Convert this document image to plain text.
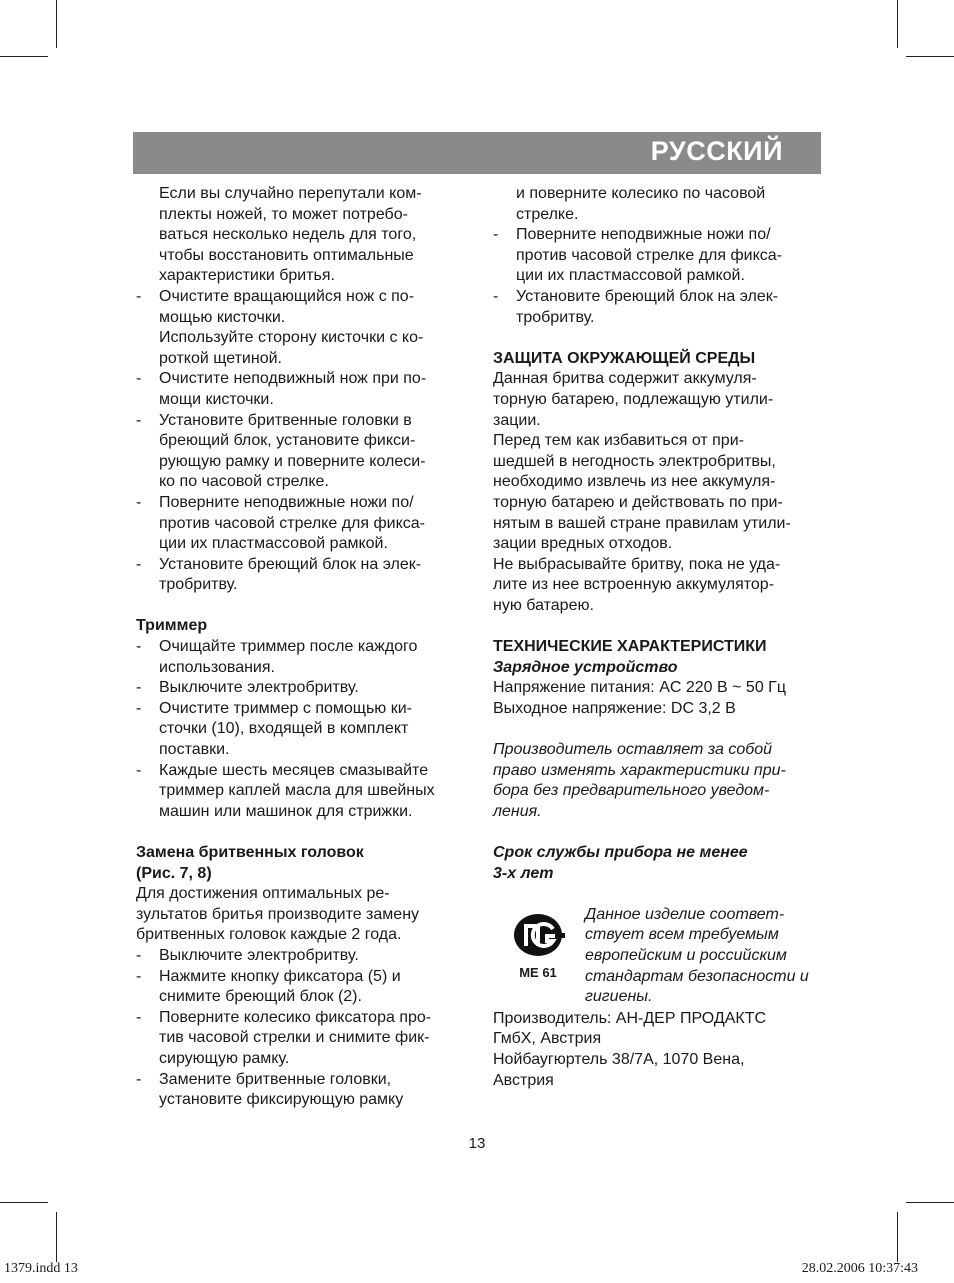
РУССКИЙ

Если вы случайно перепутали ком-

плекты ножей, то может потребо-

ваться несколько недель для того,

чтобы восстановить оптимальные

характеристики бритья.

- Очистите вращающийся нож с по-

мощью кисточки.

Используйте сторону кисточки с ко-

роткой щетиной.

- Очистите неподвижный нож при по-

мощи кисточки.

- Установите бритвенные головки в

бреющий блок, установите фикси-

рующую рамку и поверните колеси-

ко по часовой стрелке.

- Поверните неподвижные ножи по/

против часовой стрелке для фикса-

ции их пластмассовой рамкой.

- Установите бреющий блок на элек-

тробритву.

Триммер

- Очищайте триммер после каждого

использования.

- Выключите электробритву.

- Очистите триммер с помощью ки-

сточки (10), входящей в комплект

поставки.

- Каждые шесть месяцев смазывайте

триммер каплей масла для швейных

машин или машинок для стрижки.

Замена бритвенных головок

(Рис. 7, 8)

Для достижения оптимальных ре-

зультатов бритья производите замену

бритвенных головок каждые 2 года.

- Выключите электробритву.

- Нажмите кнопку фиксатора (5) и

снимите бреющий блок (2).

- Поверните колесико фиксатора про-

тив часовой стрелки и снимите фик-

сирующую рамку.

- Замените бритвенные головки,

установите фиксирующую рамку

и поверните колесико по часовой

стрелке.

- Поверните неподвижные ножи по/

против часовой стрелке для фикса-

ции их пластмассовой рамкой.

- Установите бреющий блок на элек-

тробритву.

ЗАЩИТА ОКРУЖАЮЩЕЙ СРЕДЫ

Данная бритва содержит аккумуля-

торную батарею, подлежащую утили-

зации.

Перед тем как избавиться от при-

шедшей в негодность электробритвы,

необходимо извлечь из нее аккумуля-

торную батарею и действовать по при-

нятым в вашей стране правилам утили-

зации вредных отходов.

Не выбрасывайте бритву, пока не уда-

лите из нее встроенную аккумулятор-

ную батарею.

ТЕХНИЧЕСКИЕ ХАРАКТЕРИСТИКИ

Зарядное устройство

Напряжение питания: AC 220 В ~ 50 Гц

Выходное напряжение: DC 3,2 В

Производитель оставляет за собой

право изменять характеристики при-

бора без предварительного уведом-

ления.

Срок службы прибора не менее

3-х лет

ME 61

Данное изделие соответ-

ствует всем требуемым

европейским и российским

стандартам безопасности и

гигиены.

Производитель: АН-ДЕР ПРОДАКТС

ГмбХ, Австрия

Нойбаугюртель 38/7А, 1070 Вена,

Австрия

13
1379.indd 13	28.02.2006 10:37:43
